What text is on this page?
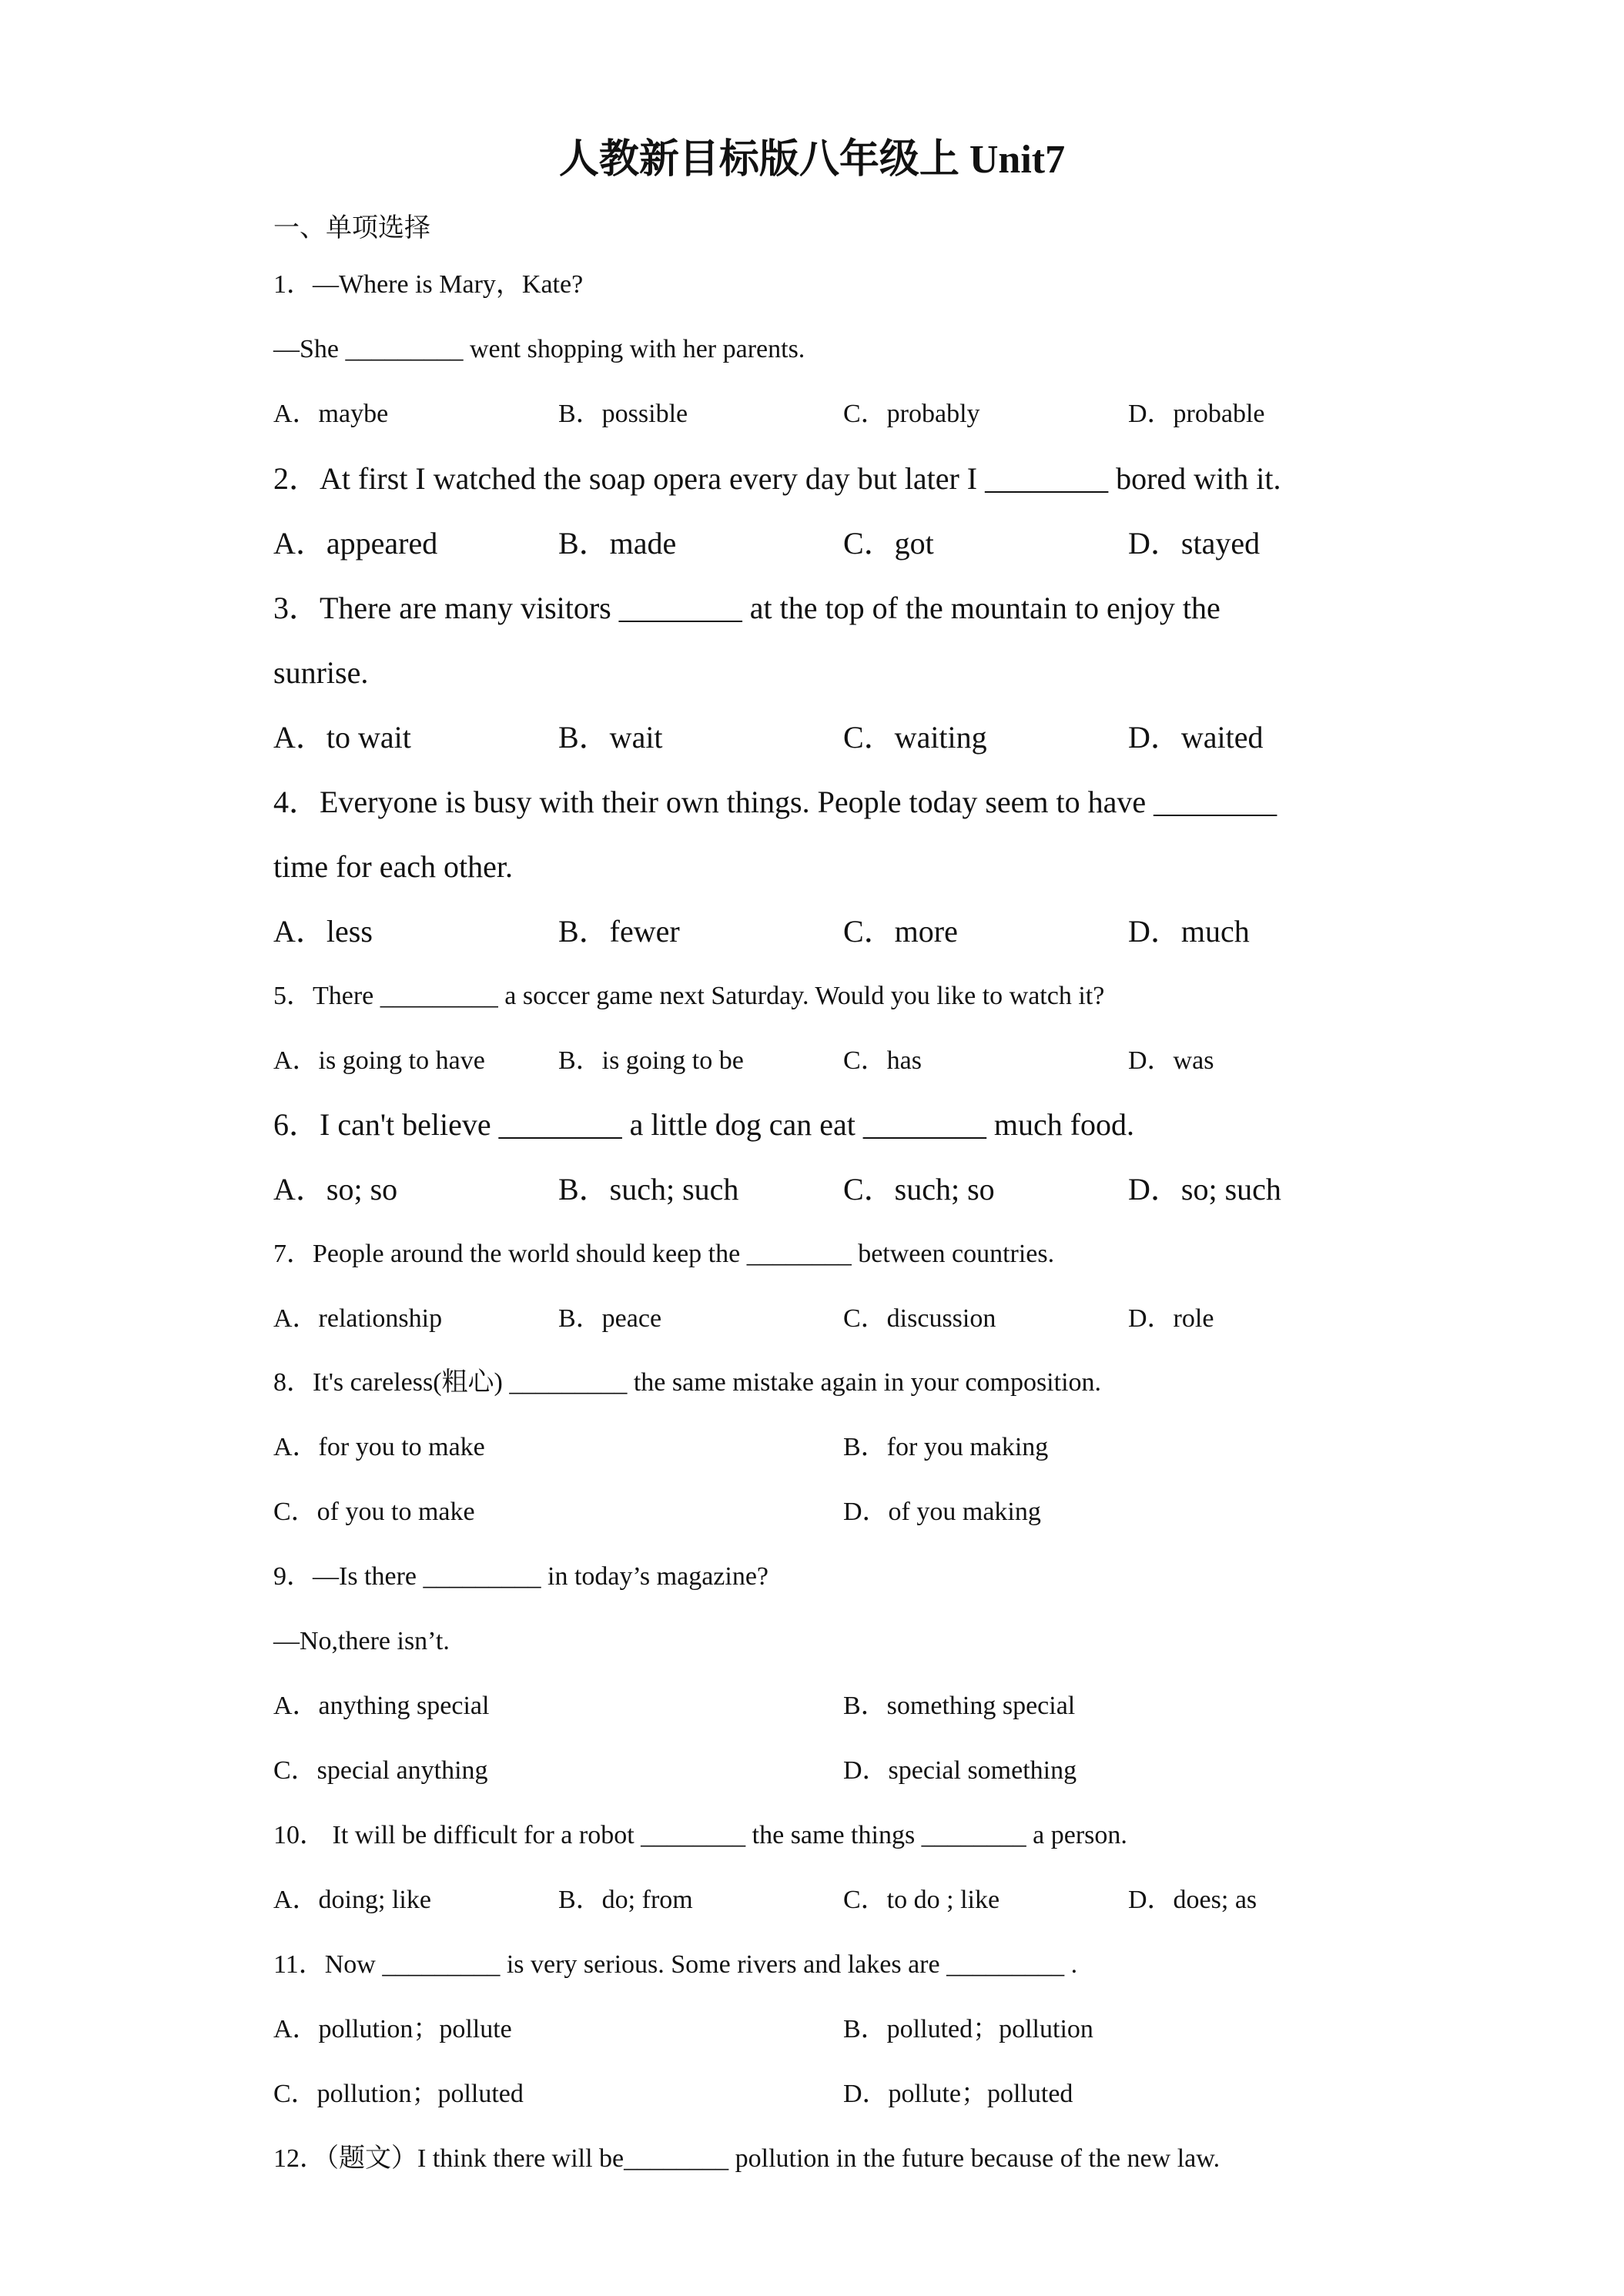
人教新目标版八年级上 Unit7
一、单项选择
1．—Where is Mary，Kate?
—She _________ went shopping with her parents.
A．maybe	B．possible	C．probably	D．probable
2．At first I watched the soap opera every day but later I ________ bored with it.
A．appeared	B．made	C．got	D．stayed
3．There are many visitors ________ at the top of the mountain to enjoy the
sunrise.
A．to wait	B．wait	C．waiting	D．waited
4．Everyone is busy with their own things. People today seem to have ________
time for each other.
A．less	B．fewer	C．more	D．much
5．There _________ a soccer game next Saturday. Would you like to watch it?
A．is going to have	B．is going to be	C．has	D．was
6．I can't believe ________ a little dog can eat ________ much food.
A．so; so	B．such; such	C．such; so	D．so; such
7．People around the world should keep the ________ between countries.
A．relationship	B．peace	C．discussion	D．role
8．It's careless(粗心) _________ the same mistake again in your composition.
A．for you to make	B．for you making
C．of you to make	D．of you making
9．—Is there _________ in today’s magazine?
—No,there isn’t.
A．anything special	B．something special
C．special anything	D．special something
10． It will be difficult for a robot ________ the same things ________ a person.
A．doing; like	B．do; from	C．to do ; like	D．does; as
11．Now _________ is very serious. Some rivers and lakes are _________ .
A．pollution；pollute	B．polluted；pollution
C．pollution；polluted	D．pollute；polluted
12．（题文）I think there will be________ pollution in the future because of the new law.
